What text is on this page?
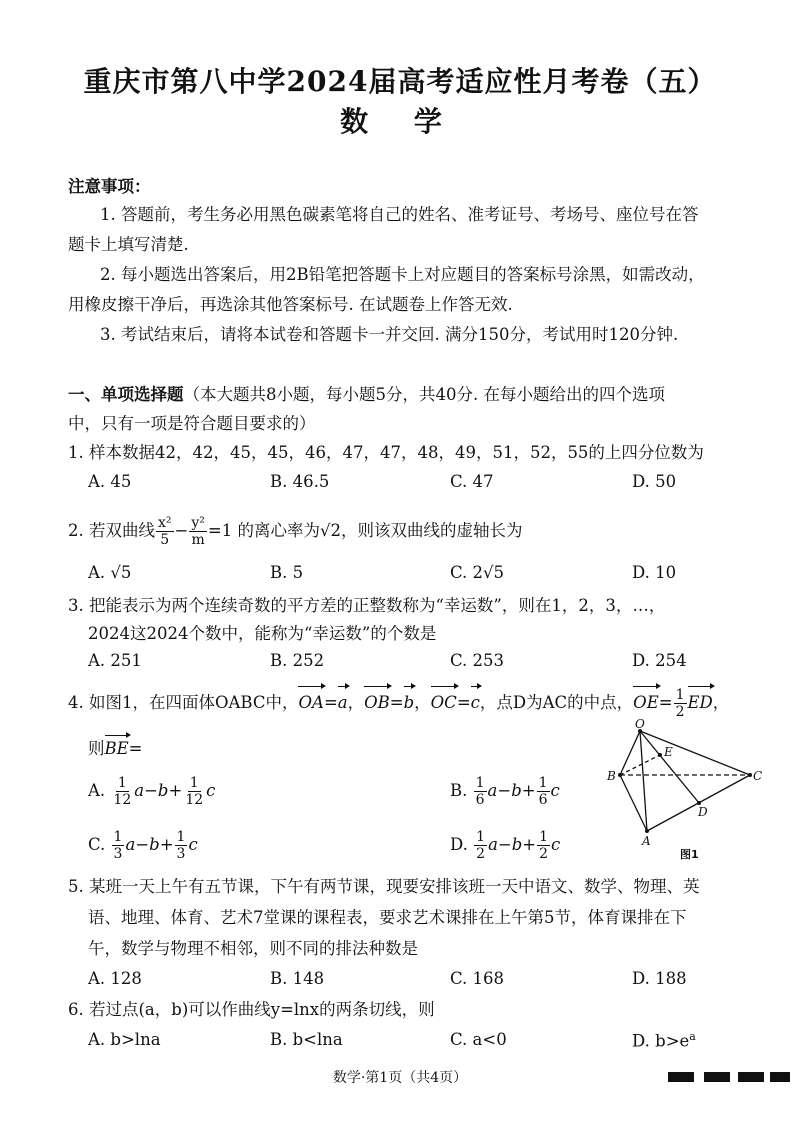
重庆市第八中学2024届高考适应性月考卷（五）
数 学
注意事项：
1. 答题前，考生务必用黑色碳素笔将自己的姓名、准考证号、考场号、座位号在答
题卡上填写清楚.
2. 每小题选出答案后，用2B铅笔把答题卡上对应题目的答案标号涂黑，如需改动，
用橡皮擦干净后，再选涂其他答案标号. 在试题卷上作答无效.
3. 考试结束后，请将本试卷和答题卡一并交回. 满分150分，考试用时120分钟.
一、单项选择题（本大题共8小题，每小题5分，共40分. 在每小题给出的四个选项
中，只有一项是符合题目要求的）
1. 样本数据42，42，45，45，46，47，47，48，49，51，52，55的上四分位数为
A. 45	B. 46.5	C. 47	D. 50
2. 若双曲线 $\frac{\text{x²}}{5} - \frac{\text{y²}}{m} =1$ 的离心率为√2，则该双曲线的虚轴长为
A. √5	B. 5	C. 2√5	D. 10
3. 把能表示为两个连续奇数的平方差的正整数称为“幸运数”，则在1，2，3，…，
2024这2024个数中，能称为“幸运数”的个数是
A. 251	B. 252	C. 253	D. 254
4. 如图1，在四面体OABC中，OA=a，OB=b，OC=c，点D为AC的中点，$OE= \frac{1}{2}$ ED，
则BE=
A. $\frac{1}{12} a-b+ \frac{1}{12}$ c	B. $\frac{1}{6} a-b+ \frac{1}{6}$ c
C. $\frac{1}{3} a-b+ \frac{1}{3}$ c	D. $\frac{1}{2} a-b+ \frac{1}{2}$ c
O
E
B	C
D
A
图1
5. 某班一天上午有五节课，下午有两节课，现要安排该班一天中语文、数学、物理、英
语、地理、体育、艺术7堂课的课程表，要求艺术课排在上午第5节，体育课排在下
午，数学与物理不相邻，则不同的排法种数是
A. 128	B. 148	C. 168	D. 188
6. 若过点(a，b)可以作曲线y=lnx的两条切线，则
A. b>lna	B. b<lna	C. a<0	D. $b>e^a$
数学·第1页（共4页）
